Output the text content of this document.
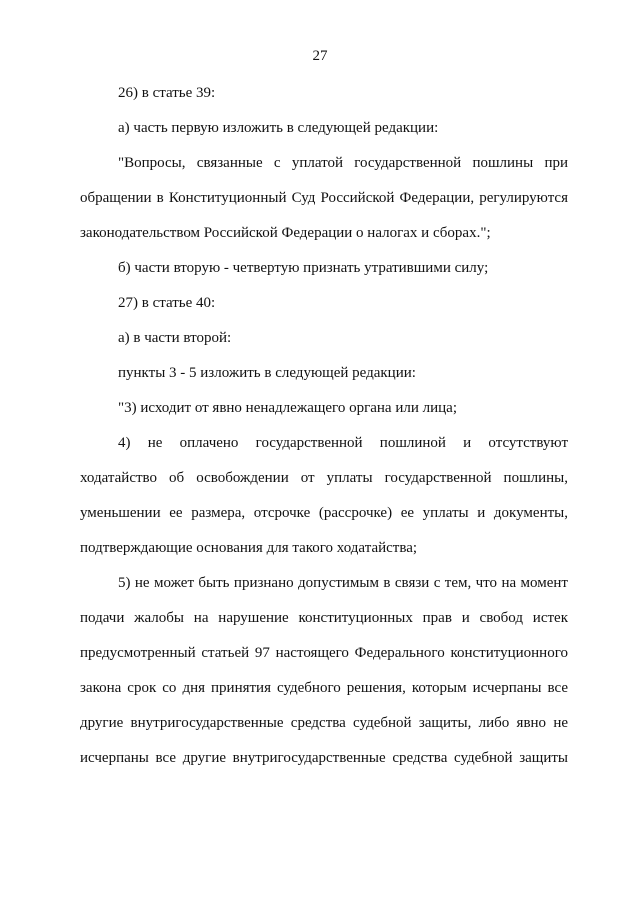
27
26) в статье 39:
а) часть первую изложить в следующей редакции:
"Вопросы, связанные с уплатой государственной пошлины при
обращении в Конституционный Суд Российской Федерации, регулируются
законодательством Российской Федерации о налогах и сборах.";
б) части вторую - четвертую признать утратившими силу;
27) в статье 40:
а) в части второй:
пункты 3 - 5 изложить в следующей редакции:
"3) исходит от явно ненадлежащего органа или лица;
4) не оплачено государственной пошлиной и отсутствуют
ходатайство об освобождении от уплаты государственной пошлины,
уменьшении ее размера, отсрочке (рассрочке) ее уплаты и документы,
подтверждающие основания для такого ходатайства;
5) не может быть признано допустимым в связи с тем, что на момент
подачи жалобы на нарушение конституционных прав и свобод истек
предусмотренный статьей 97 настоящего Федерального конституционного
закона срок со дня принятия судебного решения, которым исчерпаны все
другие внутригосударственные средства судебной защиты, либо явно не
исчерпаны все другие внутригосударственные средства судебной защиты
